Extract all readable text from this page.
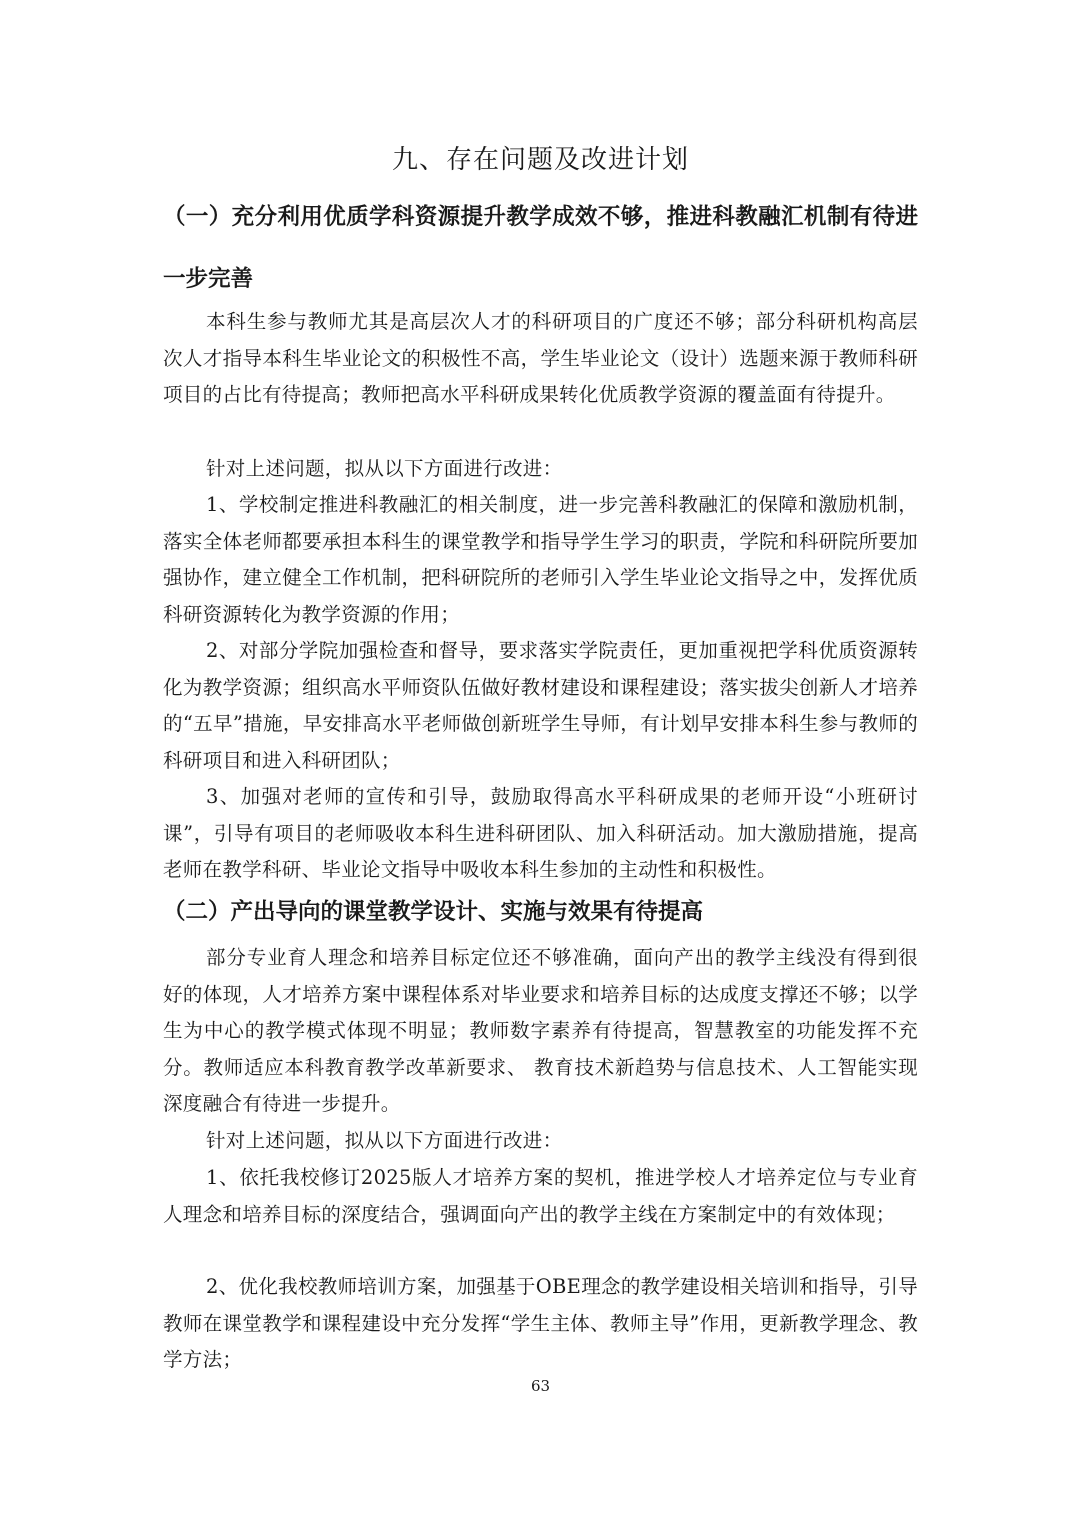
九、存在问题及改进计划
（一）充分利用优质学科资源提升教学成效不够，推进科教融汇机制有待进一步完善

本科生参与教师尤其是高层次人才的科研项目的广度还不够；部分科研机构高层次人才指导本科生毕业论文的积极性不高，学生毕业论文（设计）选题来源于教师科研项目的占比有待提高；教师把高水平科研成果转化优质教学资源的覆盖面有待提升。

针对上述问题，拟从以下方面进行改进：

1、学校制定推进科教融汇的相关制度，进一步完善科教融汇的保障和激励机制，落实全体老师都要承担本科生的课堂教学和指导学生学习的职责，学院和科研院所要加强协作，建立健全工作机制，把科研院所的老师引入学生毕业论文指导之中，发挥优质科研资源转化为教学资源的作用；

2、对部分学院加强检查和督导，要求落实学院责任，更加重视把学科优质资源转化为教学资源；组织高水平师资队伍做好教材建设和课程建设；落实拔尖创新人才培养的“五早”措施，早安排高水平老师做创新班学生导师，有计划早安排本科生参与教师的科研项目和进入科研团队；

3、加强对老师的宣传和引导，鼓励取得高水平科研成果的老师开设“小班研讨课”，引导有项目的老师吸收本科生进科研团队、加入科研活动。加大激励措施，提高老师在教学科研、毕业论文指导中吸收本科生参加的主动性和积极性。

（二）产出导向的课堂教学设计、实施与效果有待提高

部分专业育人理念和培养目标定位还不够准确，面向产出的教学主线没有得到很好的体现，人才培养方案中课程体系对毕业要求和培养目标的达成度支撑还不够；以学生为中心的教学模式体现不明显；教师数字素养有待提高，智慧教室的功能发挥不充分。教师适应本科教育教学改革新要求、 教育技术新趋势与信息技术、人工智能实现深度融合有待进一步提升。

针对上述问题，拟从以下方面进行改进：

1、依托我校修订2025版人才培养方案的契机，推进学校人才培养定位与专业育人理念和培养目标的深度结合，强调面向产出的教学主线在方案制定中的有效体现；

2、优化我校教师培训方案，加强基于OBE理念的教学建设相关培训和指导，引导教师在课堂教学和课程建设中充分发挥“学生主体、教师主导”作用，更新教学理念、教学方法；

63
